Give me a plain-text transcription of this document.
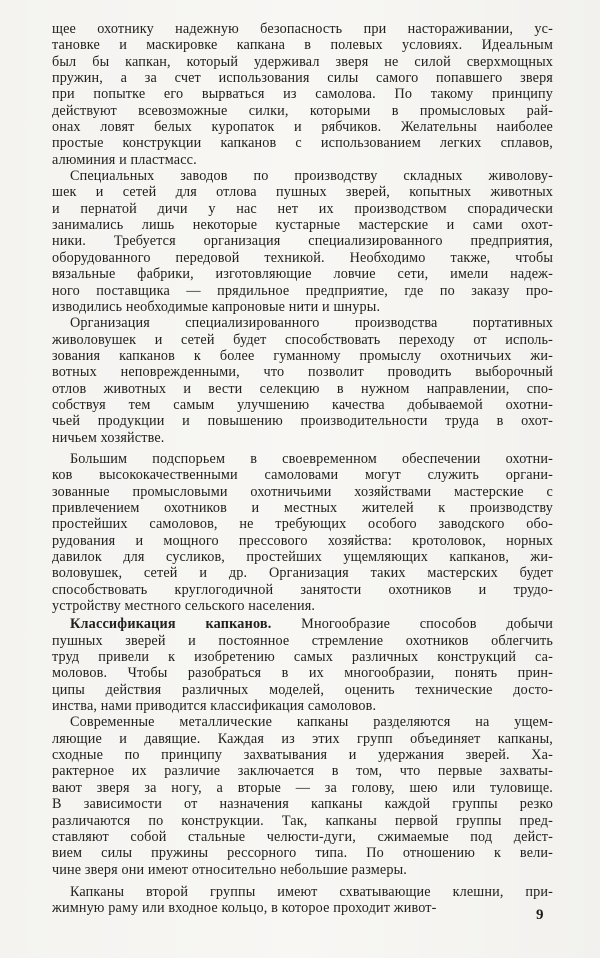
щее охотнику надежную безопасность при настораживании, ус-
тановке и маскировке капкана в полевых условиях. Идеальным
был бы капкан, который удерживал зверя не силой сверхмощных
пружин, а за счет использования силы самого попавшего зверя
при попытке его вырваться из самолова. По такому принципу
действуют всевозможные силки, которыми в промысловых рай-
онах ловят белых куропаток и рябчиков. Желательны наиболее
простые конструкции капканов с использованием легких сплавов,
алюминия и пластмасс.
Специальных заводов по производству складных живолову-
шек и сетей для отлова пушных зверей, копытных животных
и пернатой дичи у нас нет их производством спорадически
занимались лишь некоторые кустарные мастерские и сами охот-
ники. Требуется организация специализированного предприятия,
оборудованного передовой техникой. Необходимо также, чтобы
вязальные фабрики, изготовляющие ловчие сети, имели надеж-
ного поставщика — прядильное предприятие, где по заказу про-
изводились необходимые капроновые нити и шнуры.
Организация специализированного производства портативных
живоловушек и сетей будет способствовать переходу от исполь-
зования капканов к более гуманному промыслу охотничьих жи-
вотных неповрежденными, что позволит проводить выборочный
отлов животных и вести селекцию в нужном направлении, спо-
собствуя тем самым улучшению качества добываемой охотни-
чьей продукции и повышению производительности труда в охот-
ничьем хозяйстве.
Большим подспорьем в своевременном обеспечении охотни-
ков высококачественными самоловами могут служить органи-
зованные промысловыми охотничьими хозяйствами мастерские с
привлечением охотников и местных жителей к производству
простейших самоловов, не требующих особого заводского обо-
рудования и мощного прессового хозяйства: кротоловок, норных
давилок для сусликов, простейших ущемляющих капканов, жи-
воловушек, сетей и др. Организация таких мастерских будет
способствовать круглогодичной занятости охотников и трудо-
устройству местного сельского населения.
Классификация капканов. Многообразие способов добычи
пушных зверей и постоянное стремление охотников облегчить
труд привели к изобретению самых различных конструкций са-
моловов. Чтобы разобраться в их многообразии, понять прин-
ципы действия различных моделей, оценить технические досто-
инства, нами приводится классификация самоловов.
Современные металлические капканы разделяются на ущем-
ляющие и давящие. Каждая из этих групп объединяет капканы,
сходные по принципу захватывания и удержания зверей. Ха-
рактерное их различие заключается в том, что первые захваты-
вают зверя за ногу, а вторые — за голову, шею или туловище.
В зависимости от назначения капканы каждой группы резко
различаются по конструкции. Так, капканы первой группы пред-
ставляют собой стальные челюсти-дуги, сжимаемые под дейст-
вием силы пружины рессорного типа. По отношению к вели-
чине зверя они имеют относительно небольшие размеры.
Капканы второй группы имеют схватывающие клешни, при-
жимную раму или входное кольцо, в которое проходит живот-	9
